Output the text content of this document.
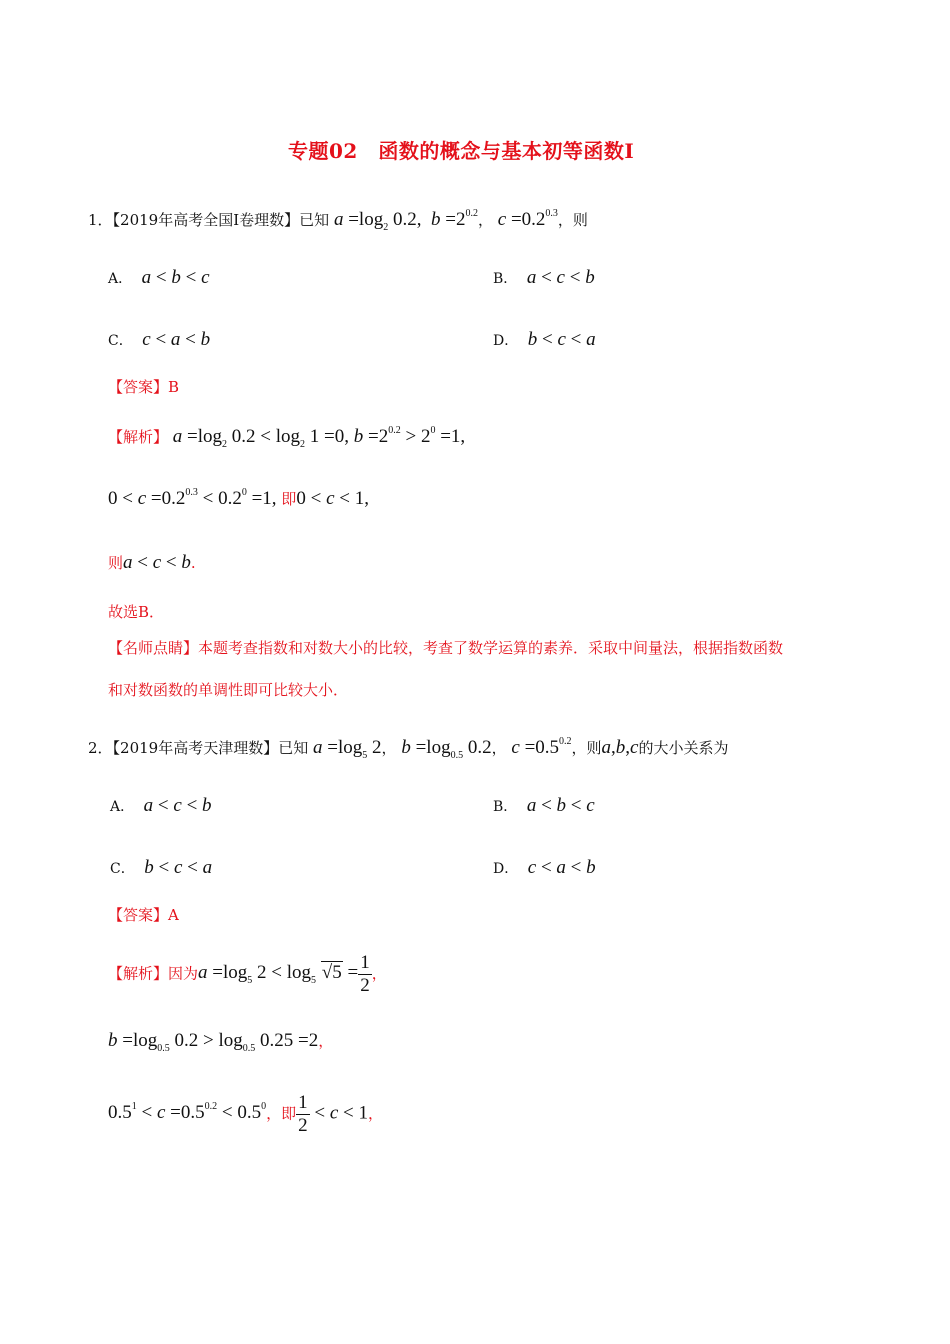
专题02　函数的概念与基本初等函数Ⅰ
1．【2019年高考全国Ⅰ卷理数】已知 $a =\log_2$ 0.2, $b =2^{0.2}$， $c =0.2^{0.3}$，则
A． a < b < c	B． a < c < b
C． c < a < b	D． b < c < a
【答案】B
【解析】 $a =\log_2$ $0.2 < \log_2 1 =0$, $b =2^{0.2} > 2^0 =1$,
$0 < c =0.2^{0.3} < 0.2^0 =1$, 即0 < c < 1,
则a < c < b.
故选B．
【名师点睛】本题考查指数和对数大小的比较，考查了数学运算的素养．采取中间量法，根据指数函数
和对数函数的单调性即可比较大小．
2．【2019年高考天津理数】已知 $a =\log_5$ 2， $b =\log_{0.5}$ 0.2， $c =0.5^{0.2}$，则a,b,c的大小关系为
A． a < c < b	B． a < b < c
C． b < c < a	D． c < a < b
【答案】A
【解析】因为$a =\log_5$ $2 < \log_5 √5 = \frac{1}{2}$ ，
$b =\log_{0.5}$ $0.2 > \log_{0.5} 0.25 =2$，
$0.5^1 < c =0.5^{0.2} < 0.5^0$，即 $\frac{1}{2} < c < 1$，
